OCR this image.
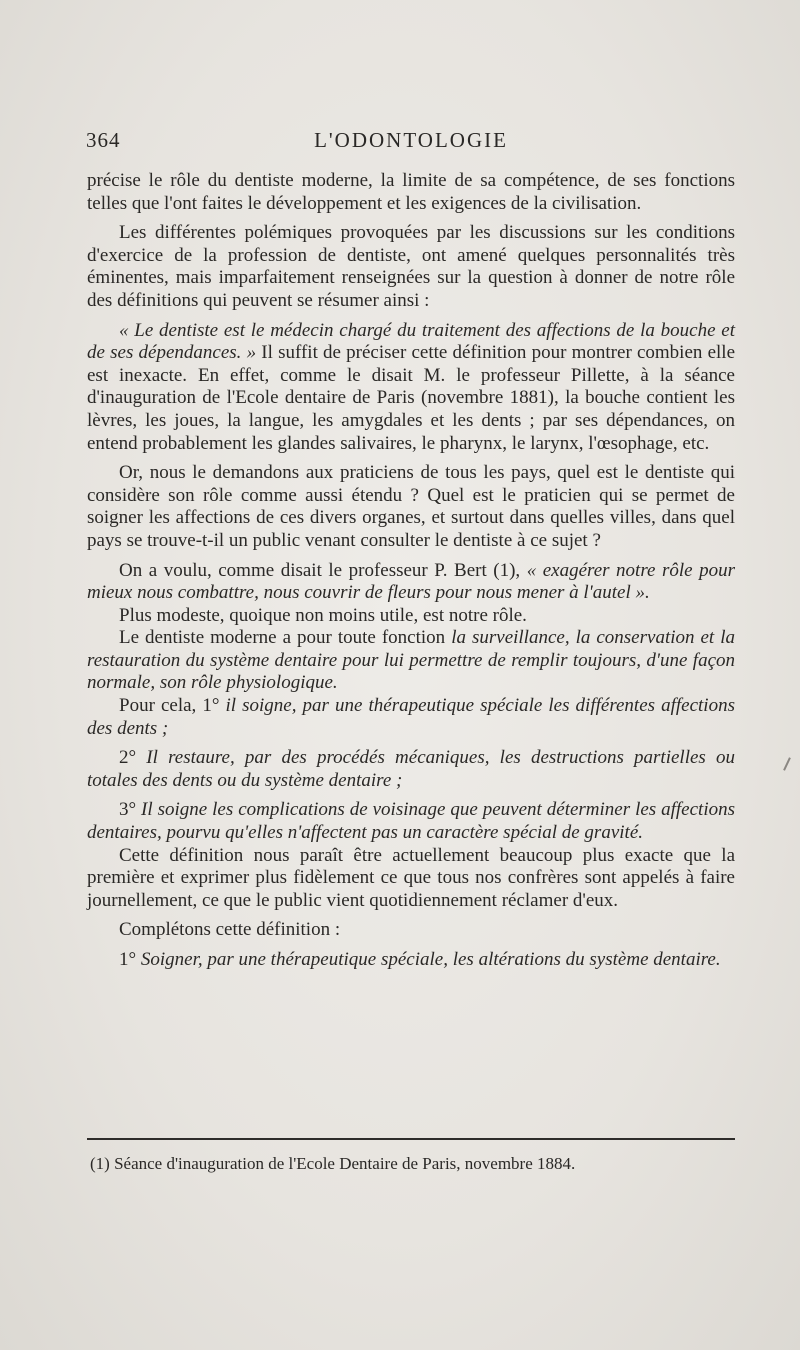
364	L'ODONTOLOGIE

précise le rôle du dentiste moderne, la limite de sa compétence, de ses fonctions telles que l'ont faites le développement et les exigences de la civilisation.

Les différentes polémiques provoquées par les discussions sur les conditions d'exercice de la profession de dentiste, ont amené quelques personnalités très éminentes, mais imparfaitement renseignées sur la question à donner de notre rôle des définitions qui peuvent se résumer ainsi :

« Le dentiste est le médecin chargé du traitement des affections de la bouche et de ses dépendances. » Il suffit de préciser cette définition pour montrer combien elle est inexacte. En effet, comme le disait M. le professeur Pillette, à la séance d'inauguration de l'Ecole dentaire de Paris (novembre 1881), la bouche contient les lèvres, les joues, la langue, les amygdales et les dents ; par ses dépendances, on entend probablement les glandes salivaires, le pharynx, le larynx, l'œsophage, etc.

Or, nous le demandons aux praticiens de tous les pays, quel est le dentiste qui considère son rôle comme aussi étendu ? Quel est le praticien qui se permet de soigner les affections de ces divers organes, et surtout dans quelles villes, dans quel pays se trouve-t-il un public venant consulter le dentiste à ce sujet ?

On a voulu, comme disait le professeur P. Bert (1), « exagérer notre rôle pour mieux nous combattre, nous couvrir de fleurs pour nous mener à l'autel ».

Plus modeste, quoique non moins utile, est notre rôle.

Le dentiste moderne a pour toute fonction la surveillance, la conservation et la restauration du système dentaire pour lui permettre de remplir toujours, d'une façon normale, son rôle physiologique.

Pour cela, 1° il soigne, par une thérapeutique spéciale les différentes affections des dents ;

2° Il restaure, par des procédés mécaniques, les destructions partielles ou totales des dents ou du système dentaire ;

3° Il soigne les complications de voisinage que peuvent déterminer les affections dentaires, pourvu qu'elles n'affectent pas un caractère spécial de gravité.

Cette définition nous paraît être actuellement beaucoup plus exacte que la première et exprimer plus fidèlement ce que tous nos confrères sont appelés à faire journellement, ce que le public vient quotidiennement réclamer d'eux.

Complétons cette définition :

1° Soigner, par une thérapeutique spéciale, les altérations du système dentaire.

(1) Séance d'inauguration de l'Ecole Dentaire de Paris, novembre 1884.
